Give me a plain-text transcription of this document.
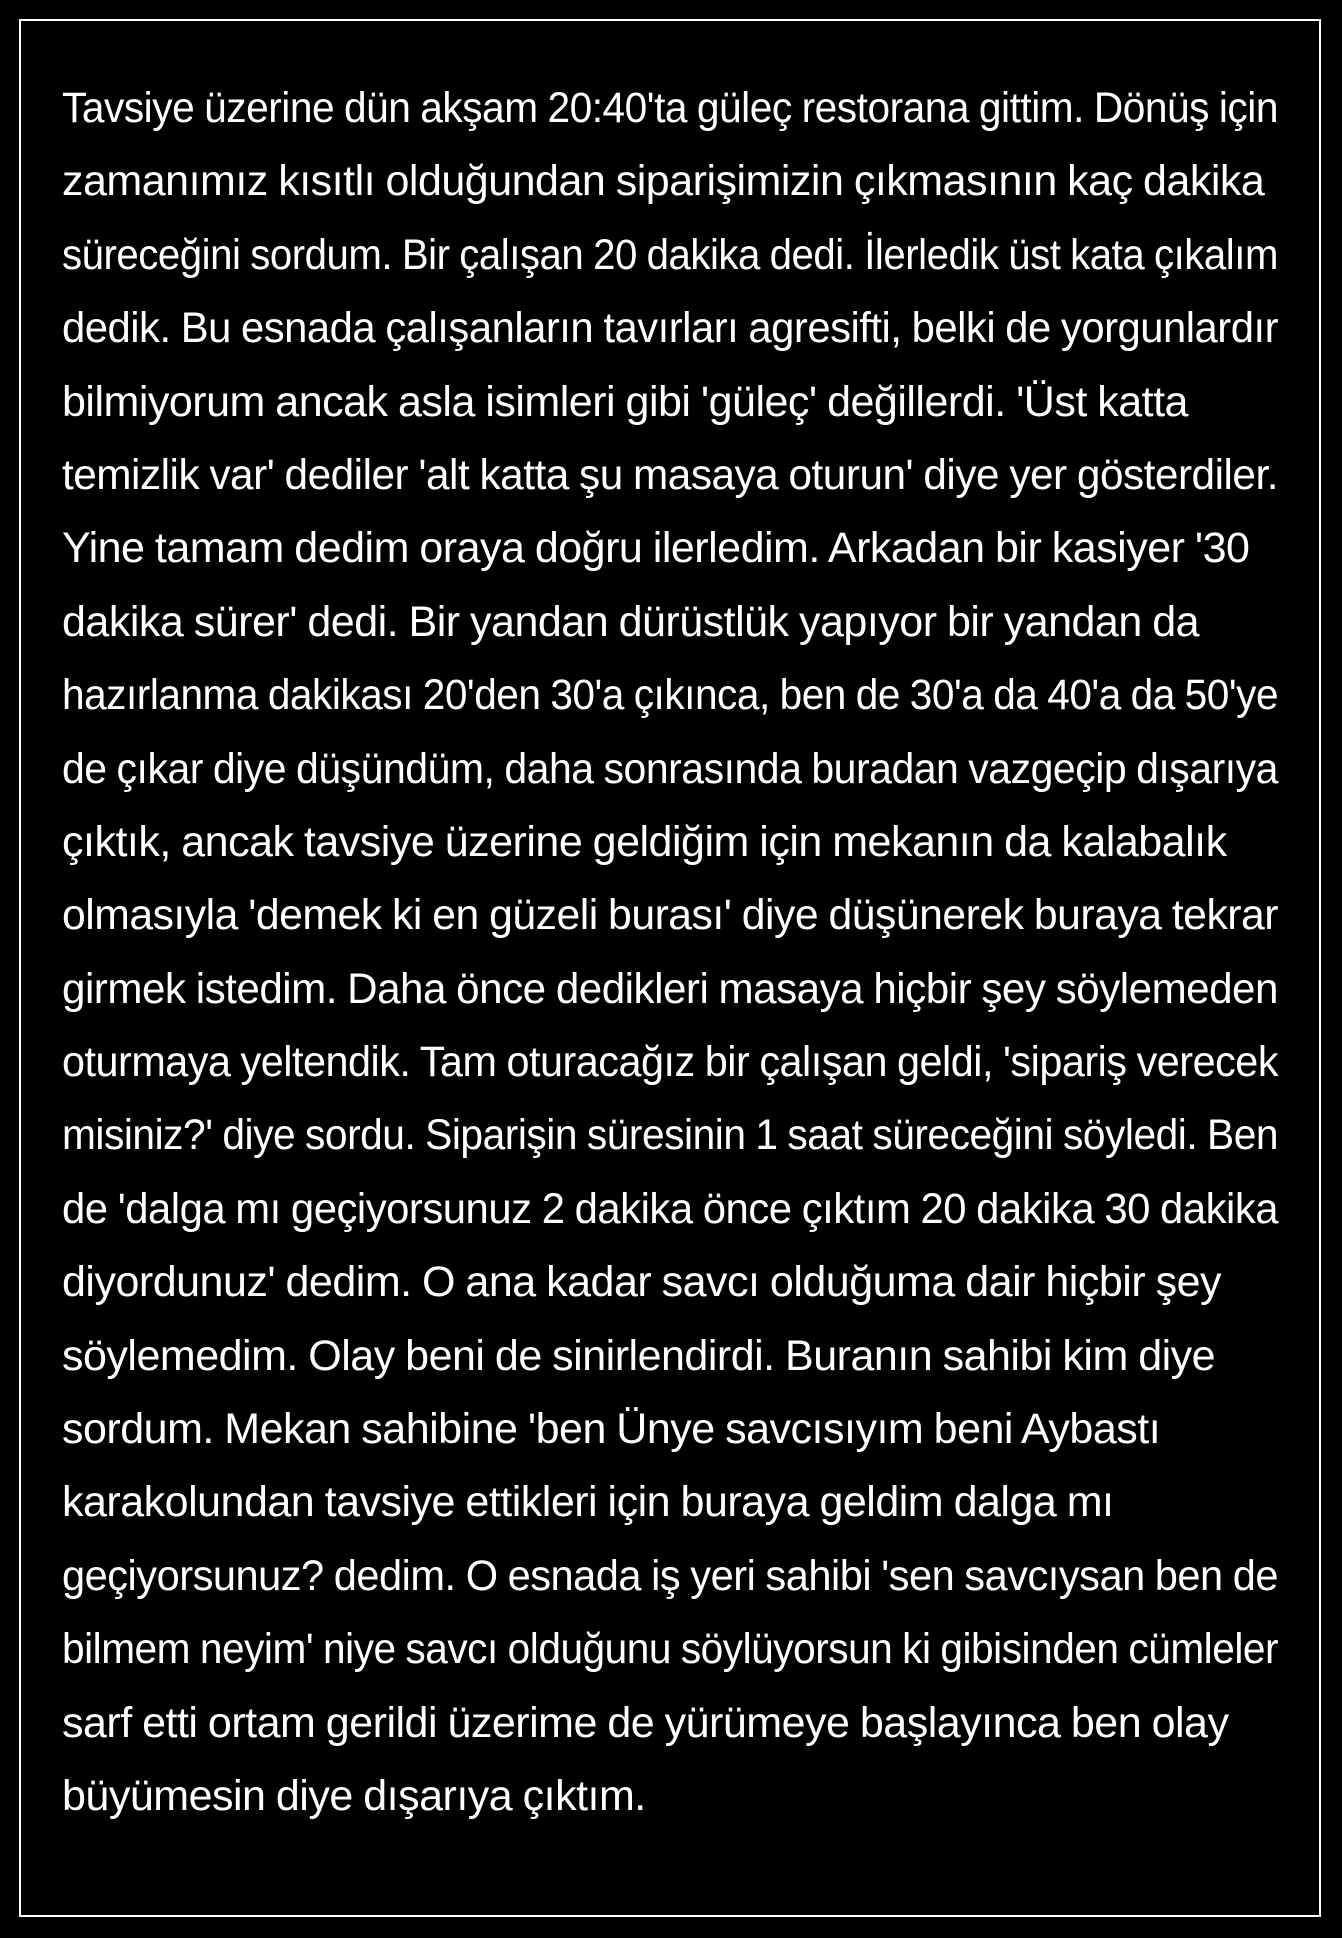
Tavsiye üzerine dün akşam 20:40'ta güleç restorana gittim. Dönüş için
zamanımız kısıtlı olduğundan siparişimizin çıkmasının kaç dakika
süreceğini sordum. Bir çalışan 20 dakika dedi. İlerledik üst kata çıkalım
dedik. Bu esnada çalışanların tavırları agresifti, belki de yorgunlardır
bilmiyorum ancak asla isimleri gibi 'güleç' değillerdi. 'Üst katta
temizlik var' dediler 'alt katta şu masaya oturun' diye yer gösterdiler.
Yine tamam dedim oraya doğru ilerledim. Arkadan bir kasiyer '30
dakika sürer' dedi. Bir yandan dürüstlük yapıyor bir yandan da
hazırlanma dakikası 20'den 30'a çıkınca, ben de 30'a da 40'a da 50'ye
de çıkar diye düşündüm, daha sonrasında buradan vazgeçip dışarıya
çıktık, ancak tavsiye üzerine geldiğim için mekanın da kalabalık
olmasıyla 'demek ki en güzeli burası' diye düşünerek buraya tekrar
girmek istedim. Daha önce dedikleri masaya hiçbir şey söylemeden
oturmaya yeltendik. Tam oturacağız bir çalışan geldi, 'sipariş verecek
misiniz?' diye sordu. Siparişin süresinin 1 saat süreceğini söyledi. Ben
de 'dalga mı geçiyorsunuz 2 dakika önce çıktım 20 dakika 30 dakika
diyordunuz' dedim. O ana kadar savcı olduğuma dair hiçbir şey
söylemedim. Olay beni de sinirlendirdi. Buranın sahibi kim diye
sordum. Mekan sahibine 'ben Ünye savcısıyım beni Aybastı
karakolundan tavsiye ettikleri için buraya geldim dalga mı
geçiyorsunuz? dedim. O esnada iş yeri sahibi 'sen savcıysan ben de
bilmem neyim' niye savcı olduğunu söylüyorsun ki gibisinden cümleler
sarf etti ortam gerildi üzerime de yürümeye başlayınca ben olay
büyümesin diye dışarıya çıktım.
